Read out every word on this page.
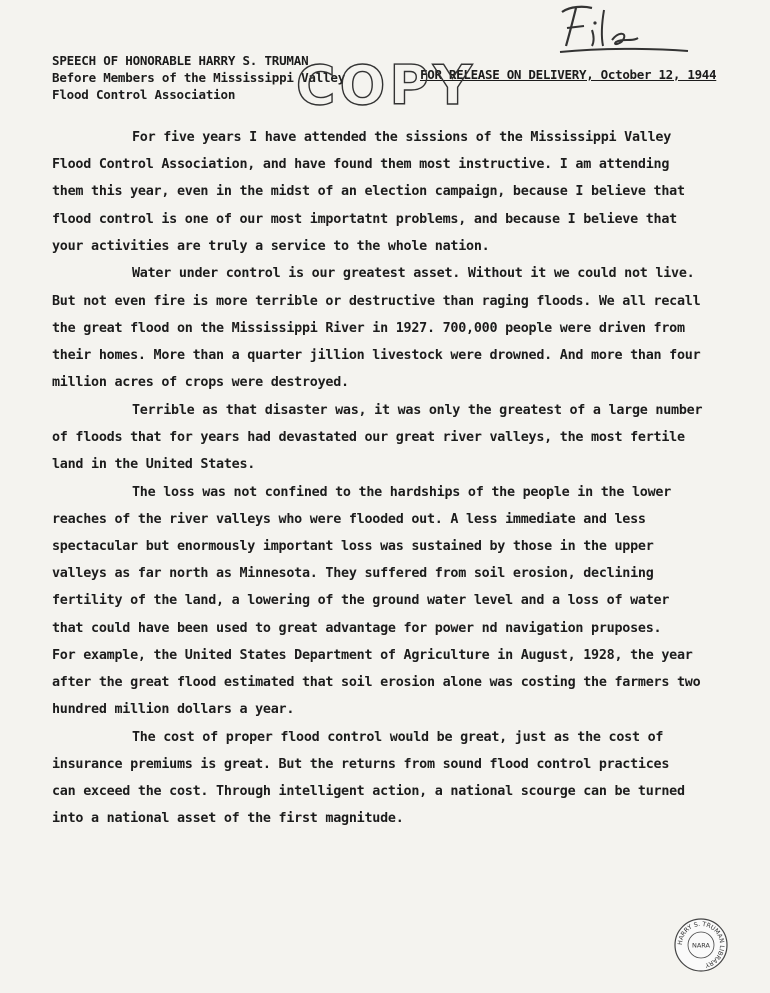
SPEECH OF HONORABLE HARRY S. TRUMAN
Before Members of the Mississippi Valley
Flood Control Association
FOR RELEASE ON DELIVERY, October 12, 1944
COPY
For five years I have attended the sissions of the Mississippi Valley
Flood Control Association, and have found them most instructive. I am attending
them this year, even in the midst of an election campaign, because I believe that
flood control is one of our most importatnt problems, and because I believe that
your activities are truly a service to the whole nation.
Water under control is our greatest asset. Without it we could not live.
But not even fire is more terrible or destructive than raging floods. We all recall
the great flood on the Mississippi River in 1927. 700,000 people were driven from
their homes. More than a quarter jillion livestock were drowned. And more than four
million acres of crops were destroyed.
Terrible as that disaster was, it was only the greatest of a large number
of floods that for years had devastated our great river valleys, the most fertile
land in the United States.
The loss was not confined to the hardships of the people in the lower
reaches of the river valleys who were flooded out. A less immediate and less
spectacular but enormously important loss was sustained by those in the upper
valleys as far north as Minnesota. They suffered from soil erosion, declining
fertility of the land, a lowering of the ground water level and a loss of water
that could have been used to great advantage for power nd navigation pruposes.
For example, the United States Department of Agriculture in August, 1928, the year
after the great flood estimated that soil erosion alone was costing the farmers two
hundred million dollars a year.
The cost of proper flood control would be great, just as the cost of
insurance premiums is great. But the returns from sound flood control practices
can exceed the cost. Through intelligent action, a national scourge can be turned
into a national asset of the first magnitude.
HARRY S. TRUMAN LIBRARY
NARA
